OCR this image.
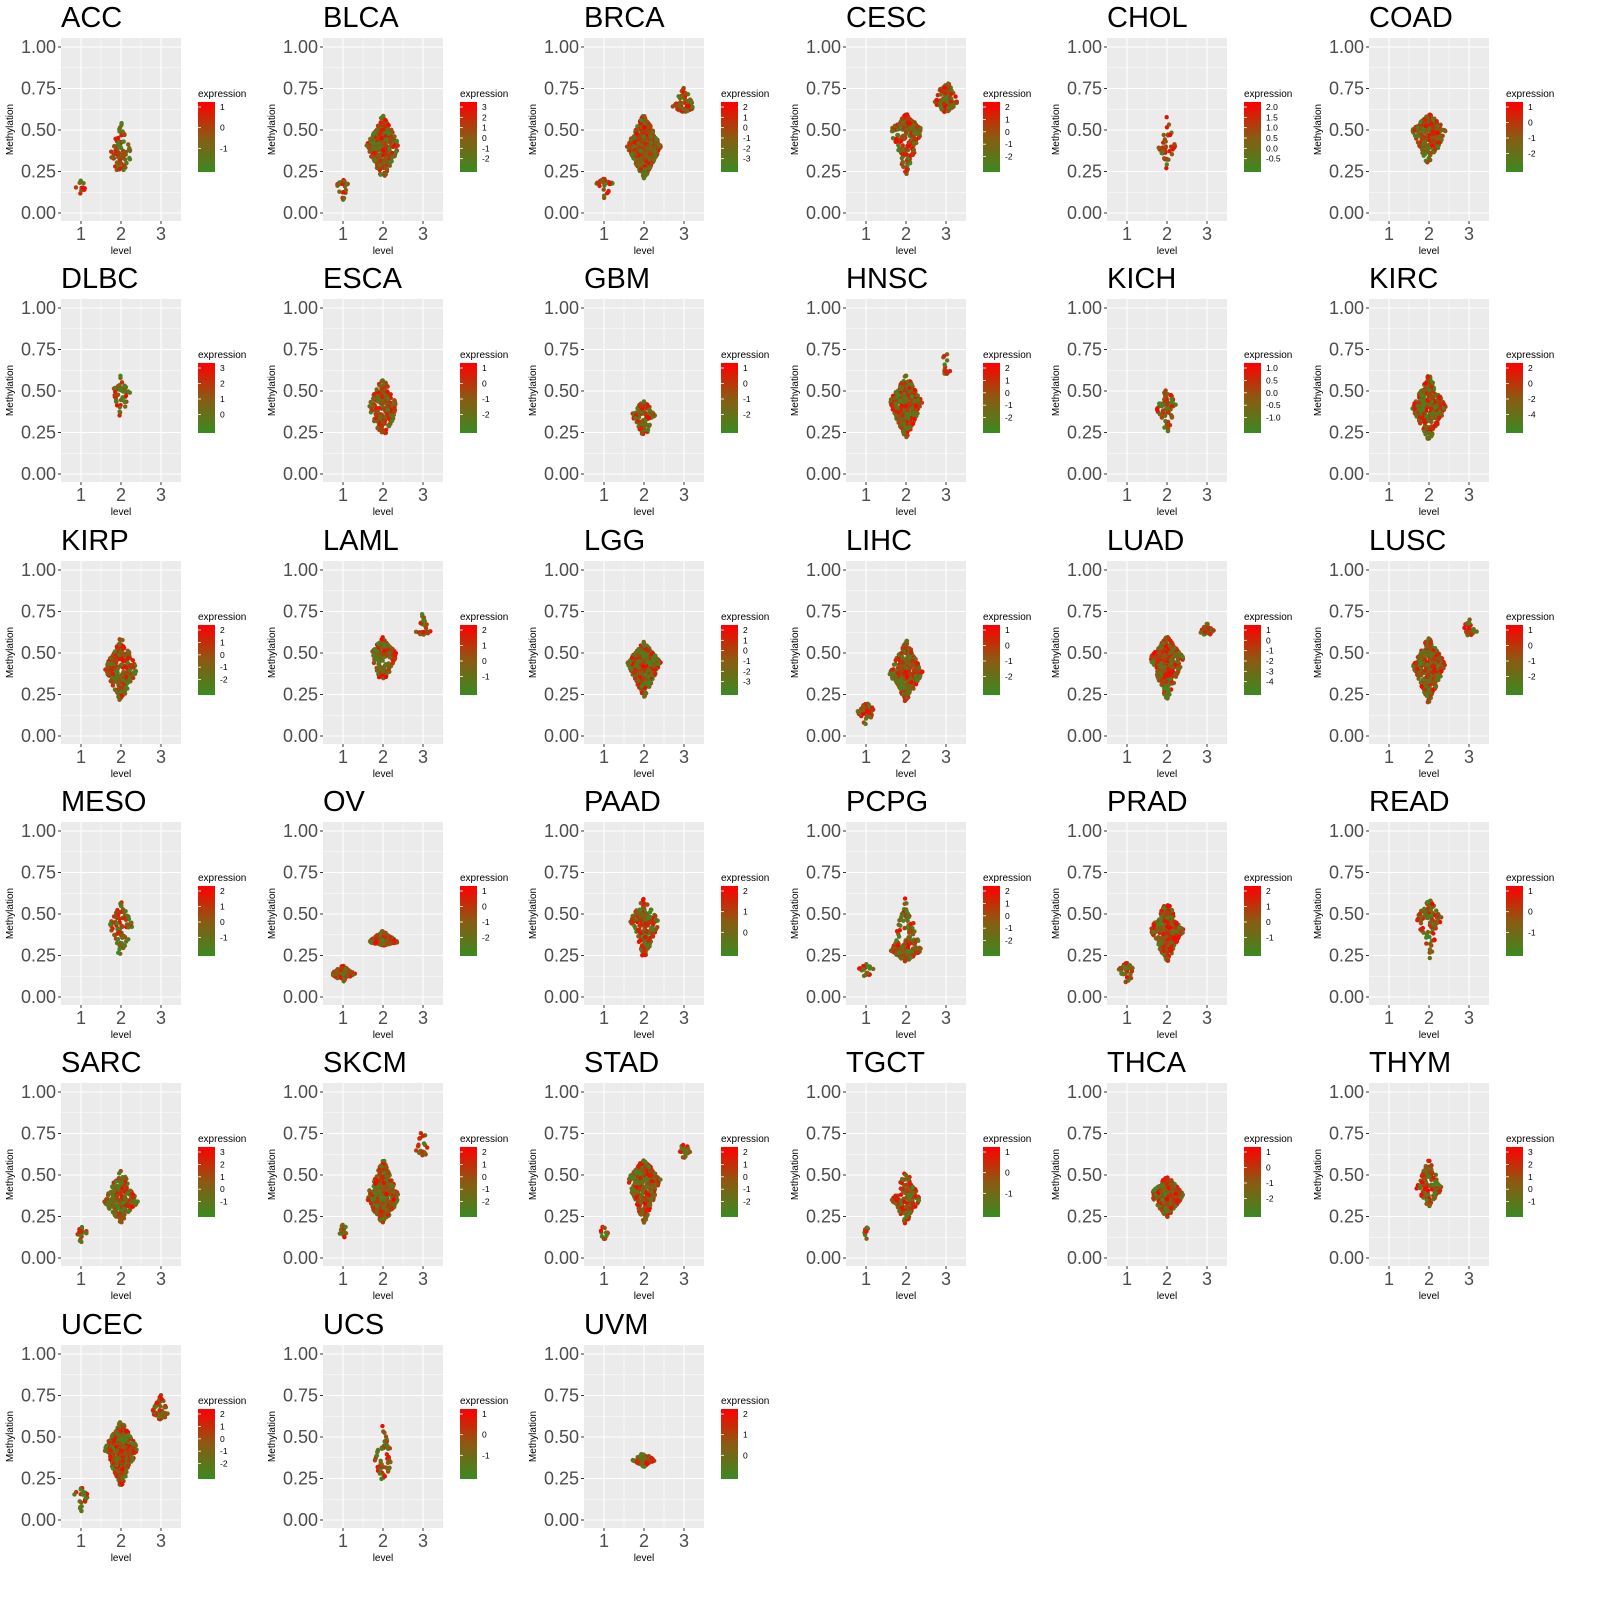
ACC
0.00
0.25
0.50
0.75
1.00
1 2 3
level
Methylation
expression
1
0
-1
BLCA
0.00
0.25
0.50
0.75
1.00
1 2 3
level
Methylation
expression
3
2
1
0
-1
-2
BRCA
0.00
0.25
0.50
0.75
1.00
1 2 3
level
Methylation
expression
2
1
0
-1
-2
-3
CESC
0.00
0.25
0.50
0.75
1.00
1 2 3
level
Methylation
expression
2
1
0
-1
-2
CHOL
0.00
0.25
0.50
0.75
1.00
1 2 3
level
Methylation
expression
2.0
1.5
1.0
0.5
0.0
-0.5
COAD
0.00
0.25
0.50
0.75
1.00
1 2 3
level
Methylation
expression
1
0
-1
-2
DLBC
0.00
0.25
0.50
0.75
1.00
1 2 3
level
Methylation
expression
3
2
1
0
ESCA
0.00
0.25
0.50
0.75
1.00
1 2 3
level
Methylation
expression
1
0
-1
-2
GBM
0.00
0.25
0.50
0.75
1.00
1 2 3
level
Methylation
expression
1
0
-1
-2
HNSC
0.00
0.25
0.50
0.75
1.00
1 2 3
level
Methylation
expression
2
1
0
-1
-2
KICH
0.00
0.25
0.50
0.75
1.00
1 2 3
level
Methylation
expression
1.0
0.5
0.0
-0.5
-1.0
KIRC
0.00
0.25
0.50
0.75
1.00
1 2 3
level
Methylation
expression
2
0
-2
-4
KIRP
0.00
0.25
0.50
0.75
1.00
1 2 3
level
Methylation
expression
2
1
0
-1
-2
LAML
0.00
0.25
0.50
0.75
1.00
1 2 3
level
Methylation
expression
2
1
0
-1
LGG
0.00
0.25
0.50
0.75
1.00
1 2 3
level
Methylation
expression
2
1
0
-1
-2
-3
LIHC
0.00
0.25
0.50
0.75
1.00
1 2 3
level
Methylation
expression
1
0
-1
-2
LUAD
0.00
0.25
0.50
0.75
1.00
1 2 3
level
Methylation
expression
1
0
-1
-2
-3
-4
LUSC
0.00
0.25
0.50
0.75
1.00
1 2 3
level
Methylation
expression
1
0
-1
-2
MESO
0.00
0.25
0.50
0.75
1.00
1 2 3
level
Methylation
expression
2
1
0
-1
OV
0.00
0.25
0.50
0.75
1.00
1 2 3
level
Methylation
expression
1
0
-1
-2
PAAD
0.00
0.25
0.50
0.75
1.00
1 2 3
level
Methylation
expression
2
1
0
PCPG
0.00
0.25
0.50
0.75
1.00
1 2 3
level
Methylation
expression
2
1
0
-1
-2
PRAD
0.00
0.25
0.50
0.75
1.00
1 2 3
level
Methylation
expression
2
1
0
-1
READ
0.00
0.25
0.50
0.75
1.00
1 2 3
level
Methylation
expression
1
0
-1
SARC
0.00
0.25
0.50
0.75
1.00
1 2 3
level
Methylation
expression
3
2
1
0
-1
SKCM
0.00
0.25
0.50
0.75
1.00
1 2 3
level
Methylation
expression
2
1
0
-1
-2
STAD
0.00
0.25
0.50
0.75
1.00
1 2 3
level
Methylation
expression
2
1
0
-1
-2
TGCT
0.00
0.25
0.50
0.75
1.00
1 2 3
level
Methylation
expression
1
0
-1
THCA
0.00
0.25
0.50
0.75
1.00
1 2 3
level
Methylation
expression
1
0
-1
-2
THYM
0.00
0.25
0.50
0.75
1.00
1 2 3
level
Methylation
expression
3
2
1
0
-1
UCEC
0.00
0.25
0.50
0.75
1.00
1 2 3
level
Methylation
expression
2
1
0
-1
-2
UCS
0.00
0.25
0.50
0.75
1.00
1 2 3
level
Methylation
expression
1
0
-1
UVM
0.00
0.25
0.50
0.75
1.00
1 2 3
level
Methylation
expression
2
1
0
